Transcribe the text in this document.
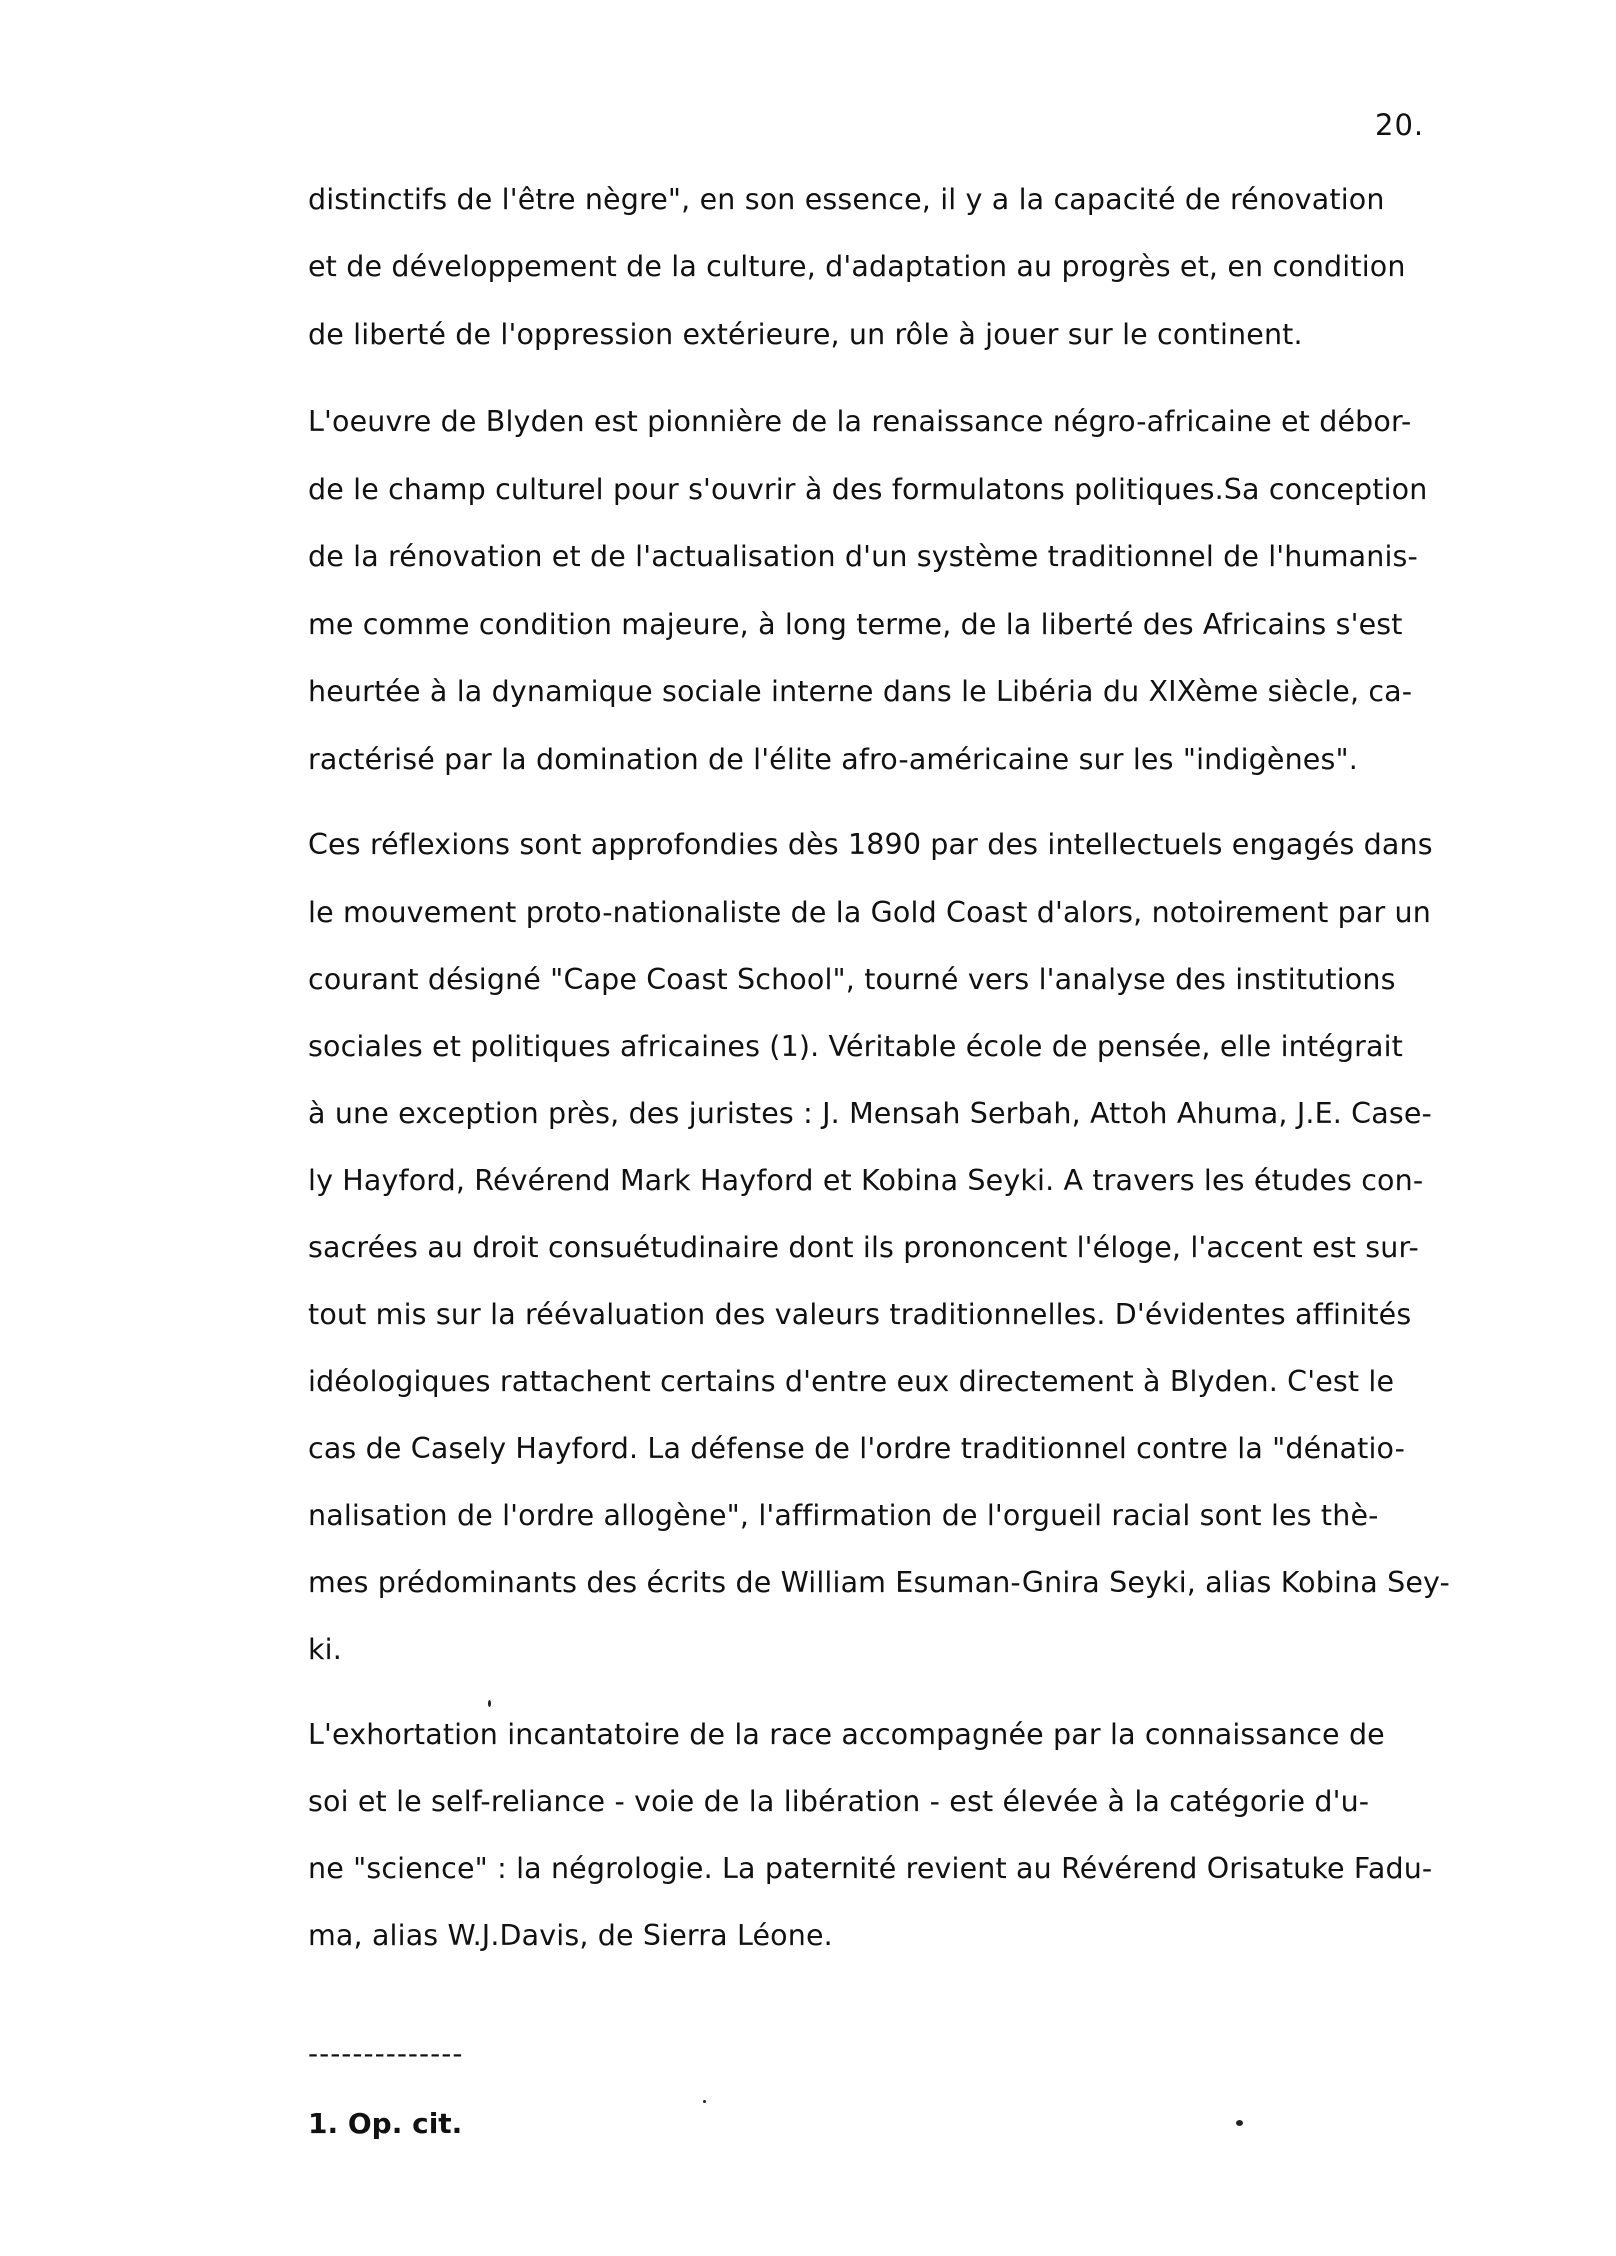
20.
distinctifs de l'être nègre", en son essence, il y a la capacité de rénovation
et de développement de la culture, d'adaptation au progrès et, en condition
de liberté de l'oppression extérieure, un rôle à jouer sur le continent.
L'oeuvre de Blyden est pionnière de la renaissance négro-africaine et débor-
de le champ culturel pour s'ouvrir à des formulatons politiques.Sa conception
de la rénovation et de l'actualisation d'un système traditionnel de l'humanis-
me comme condition majeure, à long terme, de la liberté des Africains s'est
heurtée à la dynamique sociale interne dans le Libéria du XIXème siècle, ca-
ractérisé par la domination de l'élite afro-américaine sur les "indigènes".
Ces réflexions sont approfondies dès 1890 par des intellectuels engagés dans
le mouvement proto-nationaliste de la Gold Coast d'alors, notoirement par un
courant désigné "Cape Coast School", tourné vers l'analyse des institutions
sociales et politiques africaines (1). Véritable école de pensée, elle intégrait
à une exception près, des juristes : J. Mensah Serbah, Attoh Ahuma, J.E. Case-
ly Hayford, Révérend Mark Hayford et Kobina Seyki. A travers les études con-
sacrées au droit consuétudinaire dont ils prononcent l'éloge, l'accent est sur-
tout mis sur la réévaluation des valeurs traditionnelles. D'évidentes affinités
idéologiques rattachent certains d'entre eux directement à Blyden. C'est le
cas de Casely Hayford. La défense de l'ordre traditionnel contre la "dénatio-
nalisation de l'ordre allogène", l'affirmation de l'orgueil racial sont les thè-
mes prédominants des écrits de William Esuman-Gnira Seyki, alias Kobina Sey-
ki.
L'exhortation incantatoire de la race accompagnée par la connaissance de
soi et le self-reliance - voie de la libération - est élevée à la catégorie d'u-
ne "science" : la négrologie. La paternité revient au Révérend Orisatuke Fadu-
ma, alias W.J.Davis, de Sierra Léone.
--------------
1. Op. cit.
